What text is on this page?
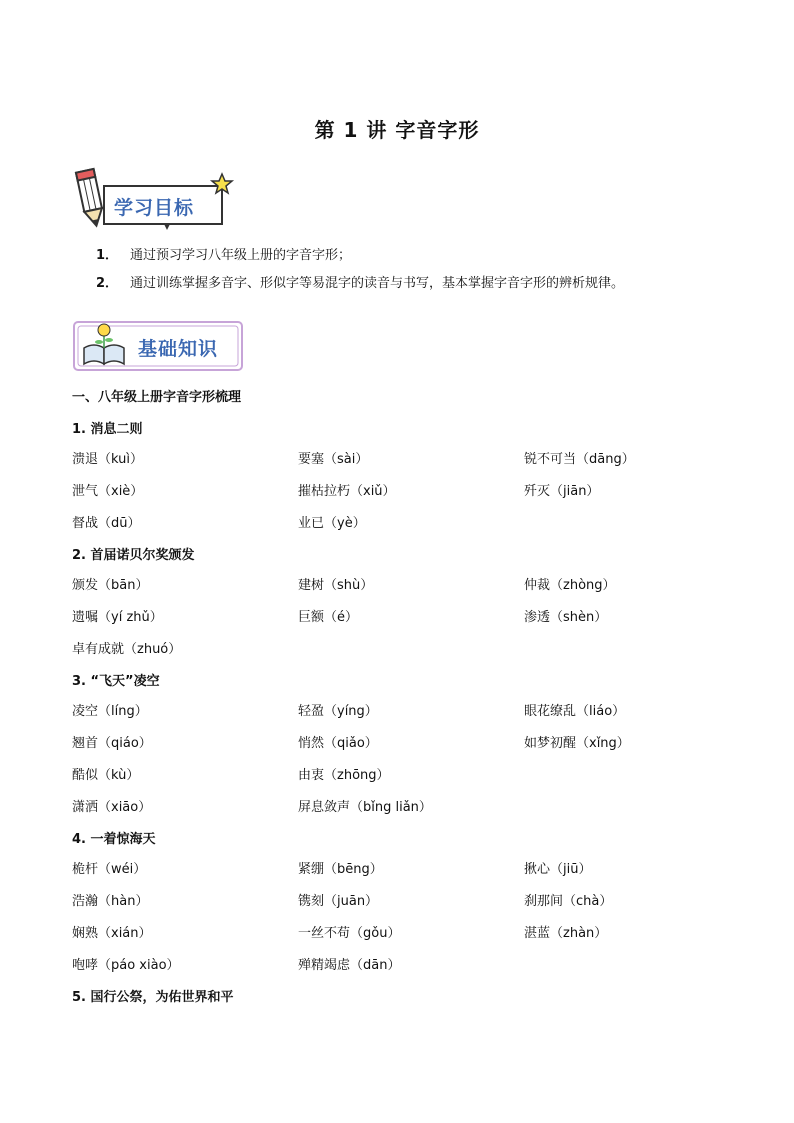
第 1 讲 字音字形
学习目标
1． 通过预习学习八年级上册的字音字形；
2． 通过训练掌握多音字、形似字等易混字的读音与书写，基本掌握字音字形的辨析规律。
基础知识
一、八年级上册字音字形梳理
1. 消息二则
溃退（kuì）	要塞（sài）	锐不可当（dāng）
泄气（xiè）	摧枯拉朽（xiǔ）	歼灭（jiān）
督战（dū）	业已（yè）
2. 首届诺贝尔奖颁发
颁发（bān）	建树（shù）	仲裁（zhòng）
遗嘱（yí zhǔ）	巨额（é）	渗透（shèn）
卓有成就（zhuó）
3. “飞天”凌空
凌空（líng）	轻盈（yíng）	眼花缭乱（liáo）
翘首（qiáo）	悄然（qiǎo）	如梦初醒（xǐng）
酷似（kù）	由衷（zhōng）
潇洒（xiāo）	屏息敛声（bǐng liǎn）
4. 一着惊海天
桅杆（wéi）	紧绷（bēng）	揪心（jiū）
浩瀚（hàn）	镌刻（juān）	刹那间（chà）
娴熟（xián）	一丝不苟（gǒu）	湛蓝（zhàn）
咆哮（páo xiào）	殚精竭虑（dān）
5. 国行公祭，为佑世界和平
